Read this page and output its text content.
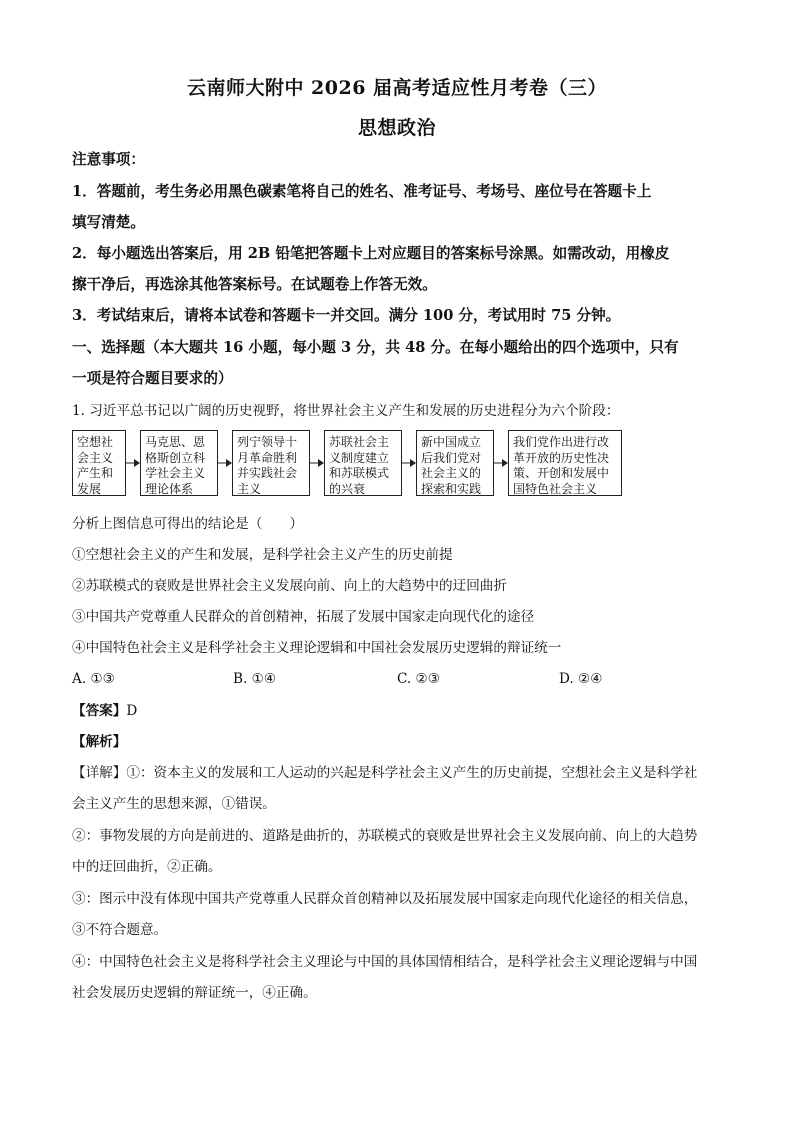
云南师大附中 2026 届高考适应性月考卷（三）
思想政治
注意事项：
1．答题前，考生务必用黑色碳素笔将自己的姓名、准考证号、考场号、座位号在答题卡上
填写清楚。
2．每小题选出答案后，用 2B 铅笔把答题卡上对应题目的答案标号涂黑。如需改动，用橡皮
擦干净后，再选涂其他答案标号。在试题卷上作答无效。
3．考试结束后，请将本试卷和答题卡一并交回。满分 100 分，考试用时 75 分钟。
一、选择题（本大题共 16 小题，每小题 3 分，共 48 分。在每小题给出的四个选项中，只有
一项是符合题目要求的）
1. 习近平总书记以广阔的历史视野，将世界社会主义产生和发展的历史进程分为六个阶段：
空想社会主义产生和发展
马克思、恩格斯创立科学社会主义理论体系
列宁领导十月革命胜利并实践社会主义
苏联社会主义制度建立和苏联模式的兴衰
新中国成立后我们党对社会主义的探索和实践
我们党作出进行改革开放的历史性决策、开创和发展中国特色社会主义
分析上图信息可得出的结论是（　　）
①空想社会主义的产生和发展，是科学社会主义产生的历史前提
②苏联模式的衰败是世界社会主义发展向前、向上的大趋势中的迂回曲折
③中国共产党尊重人民群众的首创精神，拓展了发展中国家走向现代化的途径
④中国特色社会主义是科学社会主义理论逻辑和中国社会发展历史逻辑的辩证统一
A. ①③	B. ①④	C. ②③	D. ②④
【答案】D
【解析】
【详解】①：资本主义的发展和工人运动的兴起是科学社会主义产生的历史前提，空想社会主义是科学社
会主义产生的思想来源，①错误。
②：事物发展的方向是前进的、道路是曲折的，苏联模式的衰败是世界社会主义发展向前、向上的大趋势
中的迂回曲折，②正确。
③：图示中没有体现中国共产党尊重人民群众首创精神以及拓展发展中国家走向现代化途径的相关信息，
③不符合题意。
④：中国特色社会主义是将科学社会主义理论与中国的具体国情相结合，是科学社会主义理论逻辑与中国
社会发展历史逻辑的辩证统一，④正确。
